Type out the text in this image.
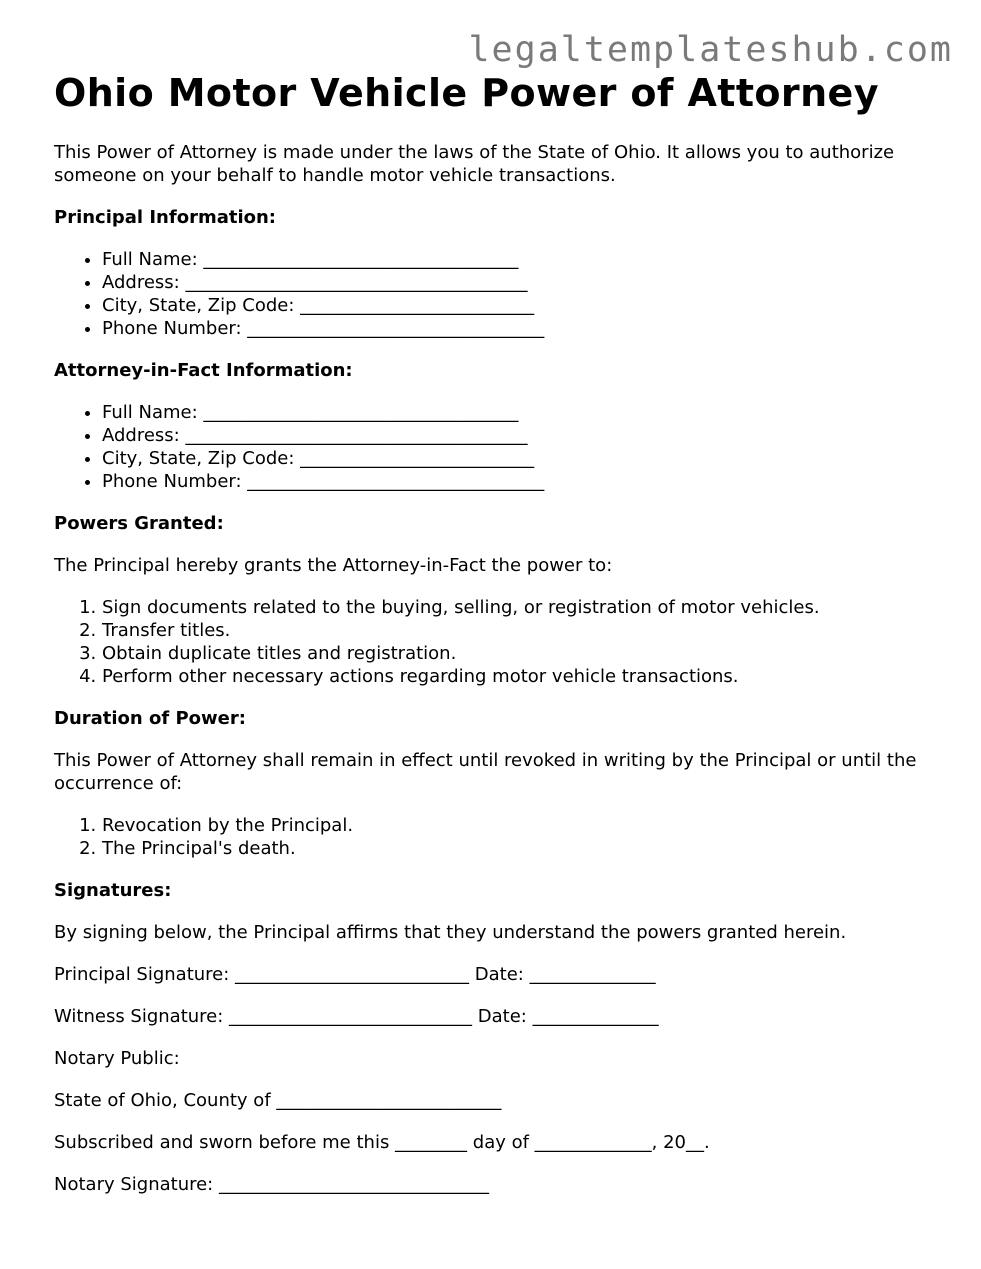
legaltemplateshub.com
Ohio Motor Vehicle Power of Attorney

This Power of Attorney is made under the laws of the State of Ohio. It allows you to authorize someone on your behalf to handle motor vehicle transactions.

Principal Information:
• Full Name: ___________________________________
• Address: ______________________________________
• City, State, Zip Code: __________________________
• Phone Number: _________________________________
Attorney-in-Fact Information:
• Full Name: ___________________________________
• Address: ______________________________________
• City, State, Zip Code: __________________________
• Phone Number: _________________________________
Powers Granted:

The Principal hereby grants the Attorney-in-Fact the power to:

1. Sign documents related to the buying, selling, or registration of motor vehicles.
2. Transfer titles.
3. Obtain duplicate titles and registration.
4. Perform other necessary actions regarding motor vehicle transactions.
Duration of Power:

This Power of Attorney shall remain in effect until revoked in writing by the Principal or until the occurrence of:

1. Revocation by the Principal.
2. The Principal's death.
Signatures:

By signing below, the Principal affirms that they understand the powers granted herein.

Principal Signature: __________________________ Date: ______________

Witness Signature: ___________________________ Date: ______________

Notary Public:

State of Ohio, County of _________________________

Subscribed and sworn before me this ________ day of _____________, 20__.

Notary Signature: ______________________________
